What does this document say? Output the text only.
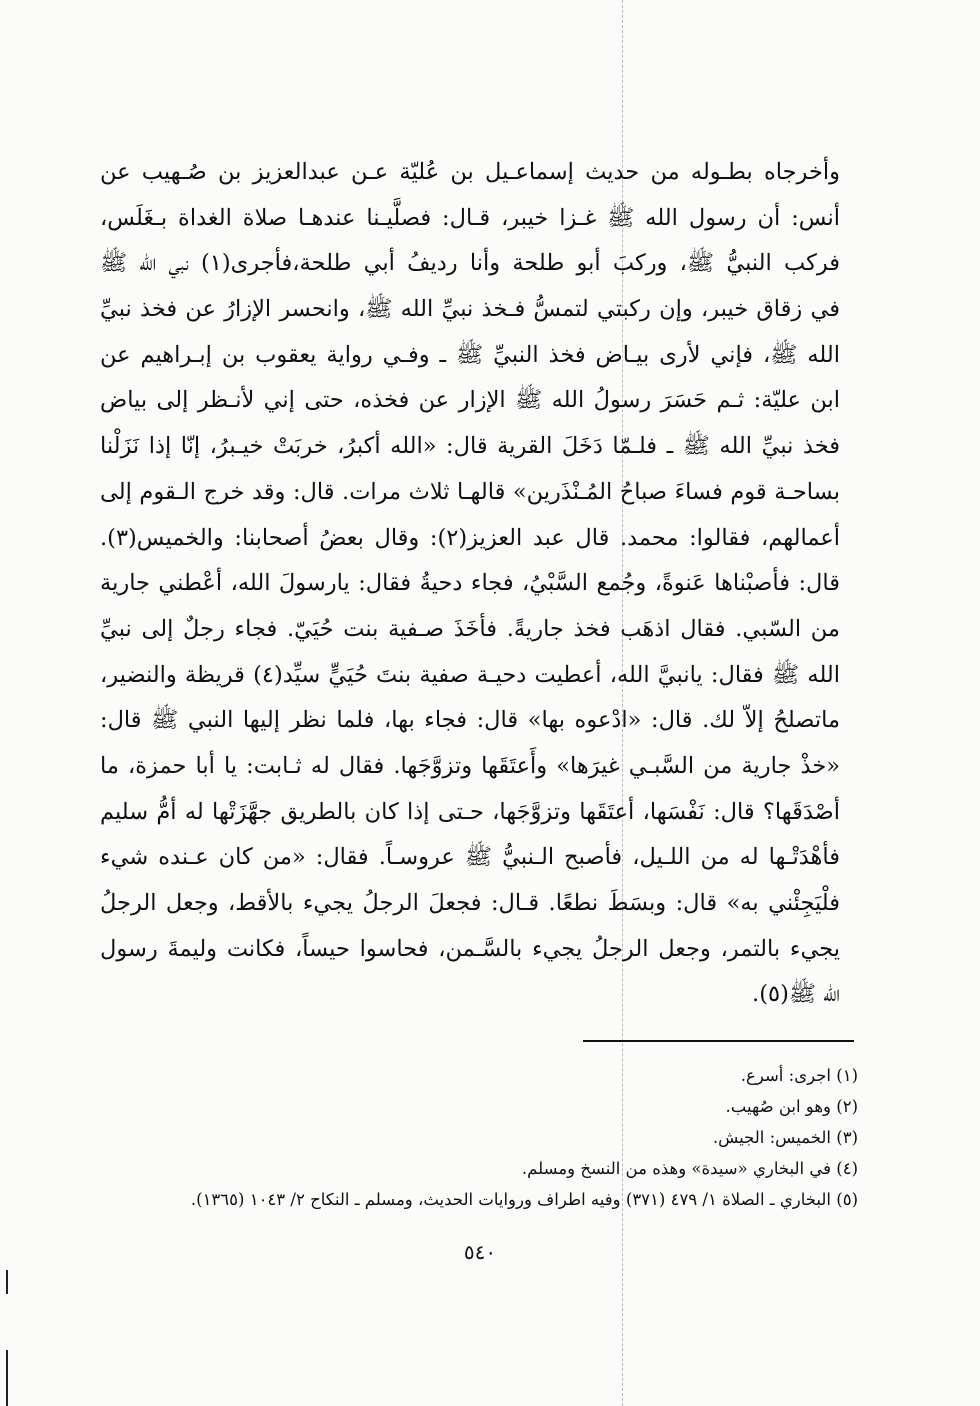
وأخرجاه بطـوله من حديث إسماعـيل بن عُليّة عـن عبدالعزيز بن صُـهيب عن
أنس: أن رسول الله ﷺ غـزا خيبر، قـال: فصلَّيـنا عندهـا صلاة الغداة بـغَلَس،
فركب النبيُّ ﷺ، وركبَ أبو طلحة وأنا رديفُ أبي طلحة،فأجرى(١) نبي الله ﷺ
في زقاق خيبر، وإن ركبتي لتمسُّ فـخذ نبيِّ الله ﷺ، وانحسر الإزارُ عن فخذ نبيِّ
الله ﷺ، فإني لأرى بيـاض فخذ النبيِّ ﷺ ـ وفـي رواية يعقوب بن إبـراهيم عن
ابن عليّة: ثـم حَسَرَ رسولُ الله ﷺ الإزار عن فخذه، حتى إني لأنـظر إلى بياض
فخذ نبيِّ الله ﷺ ـ فلـمّا دَخَلَ القرية قال: «الله أكبرُ، خربَتْ خيـبرُ، إنّا إذا نَزَلْنا
بساحـة قوم فساءَ صباحُ المُـنْذَرين» قالهـا ثلاث مرات. قال: وقد خرج الـقوم إلى
أعمالهم، فقالوا: محمد. قال عبد العزيز(٢): وقال بعضُ أصحابنا: والخميس(٣).
قال: فأصبْناها عَنوةً، وجُمع السَّبْيُ، فجاء دحيةُ فقال: يارسولَ الله، أعْطني جارية
من السّبي. فقال اذهَب فخذ جاريةً. فأخَذَ صـفية بنت حُيَيّ. فجاء رجلٌ إلى نبيِّ
الله ﷺ فقال: يانبيَّ الله، أعطيت دحيـة صفية بنتَ حُيَيٍّ سيِّد(٤) قريظة والنضير،
ماتصلحُ إلاّ لك. قال: «ادْعوه بها» قال: فجاء بها، فلما نظر إليها النبي ﷺ قال:
«خذْ جارية من السَّبـي غيرَها» وأَعتَقَها وتزوَّجَها. فقال له ثـابت: يا أبا حمزة، ما
أصْدَقَها؟ قال: نَفْسَها، أعتَقَها وتزوَّجَها، حـتى إذا كان بالطريق جهَّزَتْها له أمُّ سليم
فأهْدَتْـها له من اللـيل، فأصبح الـنبيُّ ﷺ عروسـاً. فقال: «من كان عـنده شيء
فلْيَجِئْني به» قال: وبسَطَ نطعًا. قـال: فجعلَ الرجلُ يجيء بالأقط، وجعل الرجلُ
يجيء بالتمر، وجعل الرجلُ يجيء بالسَّـمن، فحاسوا حيساً، فكانت وليمةَ رسول
الله ﷺ(٥).
(١) اجرى: أسرع.
(٢) وهو ابن صُهيب.
(٣) الخميس: الجيش.
(٤) في البخاري «سيدة» وهذه من النسخ ومسلم.
(٥) البخاري ـ الصلاة ١/ ٤٧٩ (٣٧١) وفيه اطراف وروايات الحديث، ومسلم ـ النكاح ٢/ ١٠٤٣ (١٣٦٥).
٥٤٠
